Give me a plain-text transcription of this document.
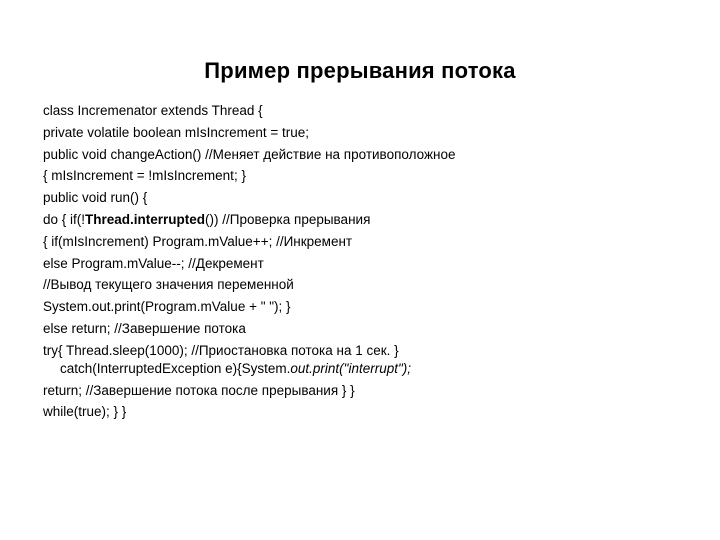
Пример прерывания потока
class Incremenator extends Thread {
private volatile boolean mIsIncrement = true;
public void changeAction() //Меняет действие на противоположное
{ mIsIncrement = !mIsIncrement; }
public void run() {
do { if(!Thread.interrupted()) //Проверка прерывания
{ if(mIsIncrement) Program.mValue++; //Инкремент
else Program.mValue--; //Декремент
//Вывод текущего значения переменной
System.out.print(Program.mValue + " "); }
else return; //Завершение потока
try{ Thread.sleep(1000); //Приостановка потока на 1 сек. }
catch(InterruptedException e){System.out.print("interrupt");
return; //Завершение потока после прерывания } }
while(true); } }
